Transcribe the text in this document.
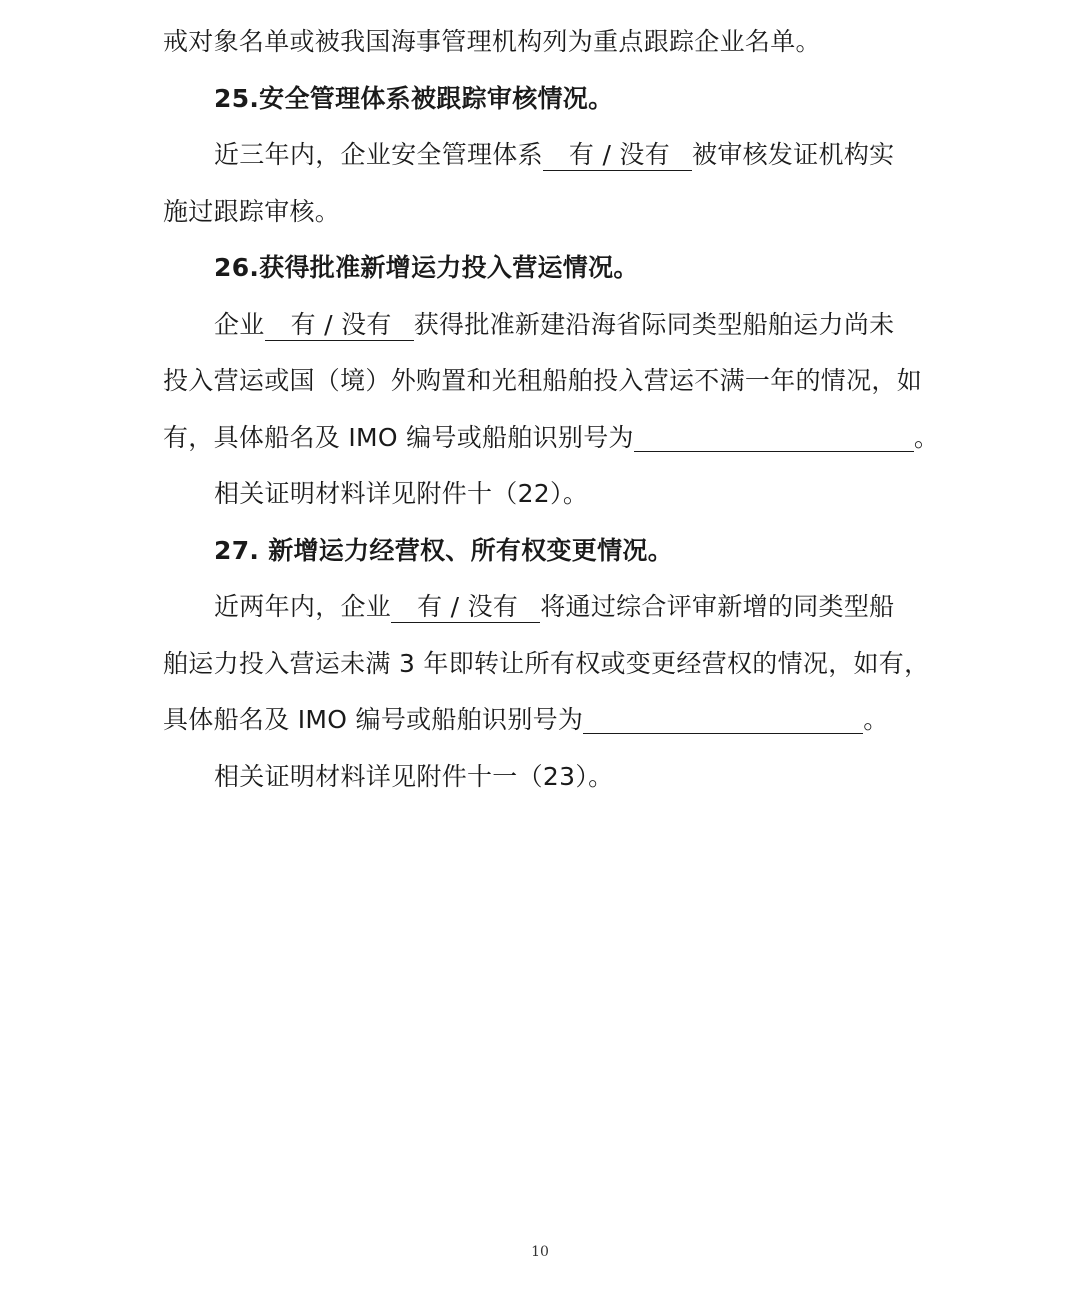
戒对象名单或被我国海事管理机构列为重点跟踪企业名单。
25.安全管理体系被跟踪审核情况。
近三年内，企业安全管理体系 有 / 没有 被审核发证机构实
施过跟踪审核。
26.获得批准新增运力投入营运情况。
企业 有 / 没有 获得批准新建沿海省际同类型船舶运力尚未
投入营运或国（境）外购置和光租船舶投入营运不满一年的情况，如
有，具体船名及 IMO 编号或船舶识别号为	。
相关证明材料详见附件十（22）。
27. 新增运力经营权、所有权变更情况。
近两年内，企业 有 / 没有 将通过综合评审新增的同类型船
舶运力投入营运未满 3 年即转让所有权或变更经营权的情况，如有，
具体船名及 IMO 编号或船舶识别号为	。
相关证明材料详见附件十一（23）。
10
